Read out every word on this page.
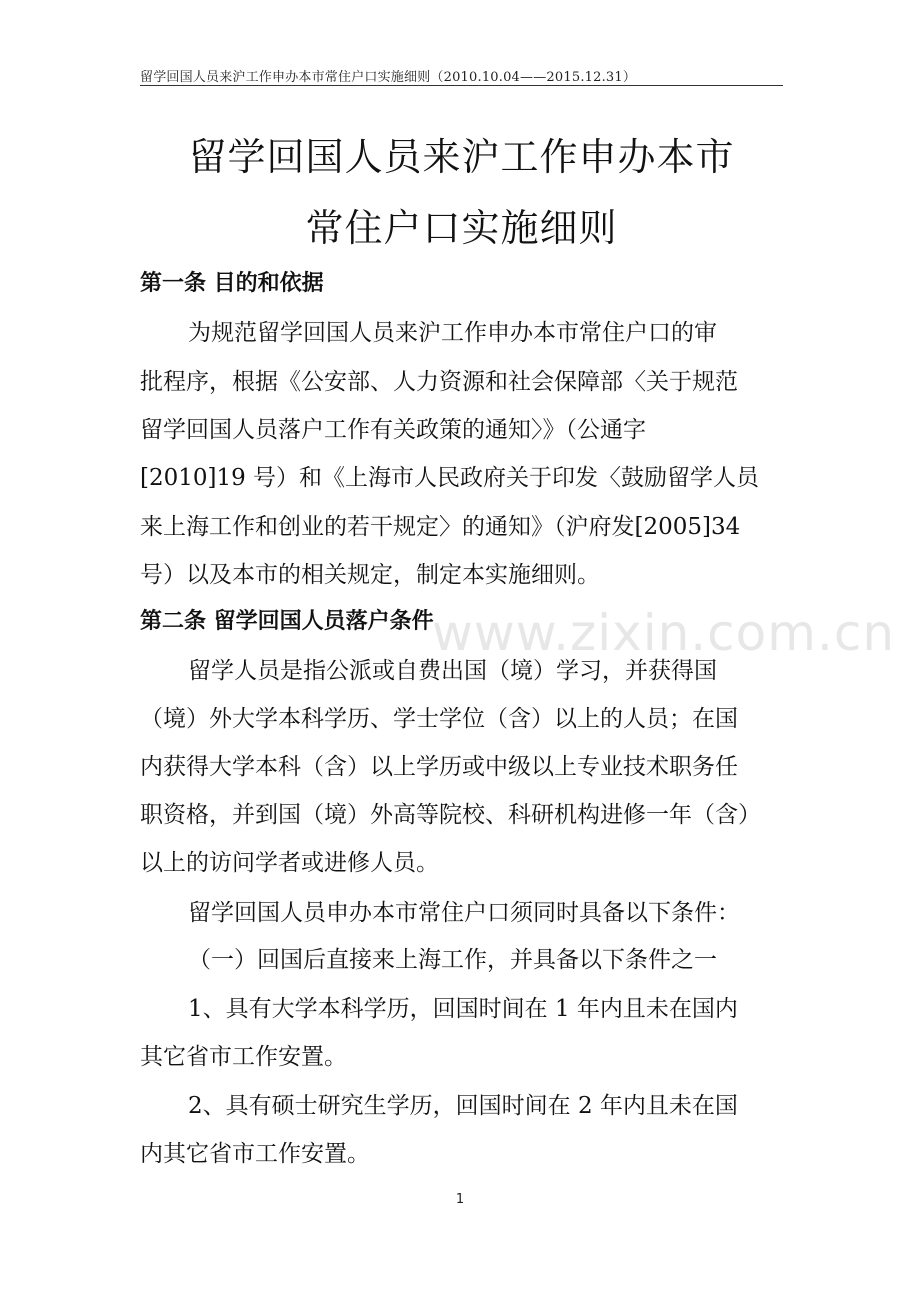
留学回国人员来沪工作申办本市常住户口实施细则（2010.10.04——2015.12.31）
留学回国人员来沪工作申办本市
常住户口实施细则
第一条 目的和依据
为规范留学回国人员来沪工作申办本市常住户口的审
批程序，根据《公安部、人力资源和社会保障部〈关于规范
留学回国人员落户工作有关政策的通知〉》（公通字
[2010]19 号）和《上海市人民政府关于印发〈鼓励留学人员
来上海工作和创业的若干规定〉的通知》（沪府发[2005]34
号）以及本市的相关规定，制定本实施细则。
第二条 留学回国人员落户条件
www.zixin.com.cn
留学人员是指公派或自费出国（境）学习，并获得国
（境）外大学本科学历、学士学位（含）以上的人员；在国
内获得大学本科（含）以上学历或中级以上专业技术职务任
职资格，并到国（境）外高等院校、科研机构进修一年（含）
以上的访问学者或进修人员。
留学回国人员申办本市常住户口须同时具备以下条件：
（一）回国后直接来上海工作，并具备以下条件之一
1、具有大学本科学历，回国时间在 1 年内且未在国内
其它省市工作安置。
2、具有硕士研究生学历，回国时间在 2 年内且未在国
内其它省市工作安置。
1
